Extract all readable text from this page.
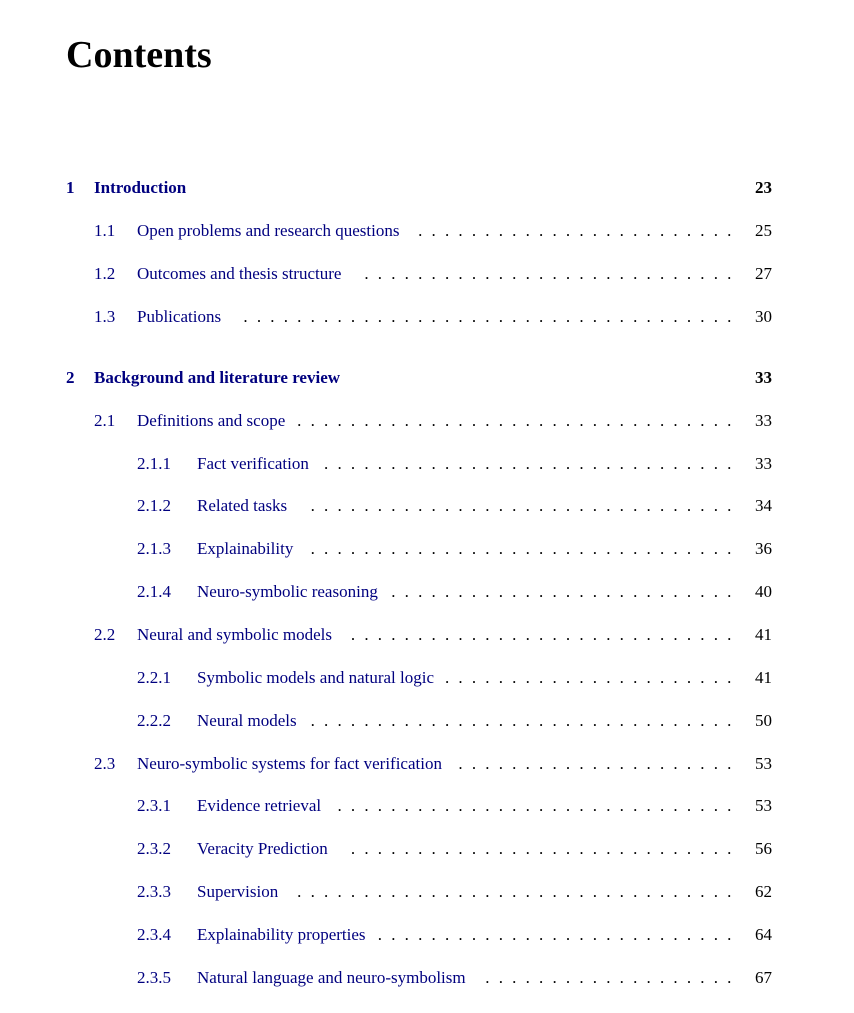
Contents
1 Introduction	23
1.1 Open problems and research questions . . . . . . . . . . . . . . . . . . . . . . . . 25
1.2 Outcomes and thesis structure . . . . . . . . . . . . . . . . . . . . . . . . . . . . 27
1.3 Publications . . . . . . . . . . . . . . . . . . . . . . . . . . . . . . . . . . . . . 30
2 Background and literature review	33
2.1 Definitions and scope . . . . . . . . . . . . . . . . . . . . . . . . . . . . . . . . . 33
2.1.1 Fact verification . . . . . . . . . . . . . . . . . . . . . . . . . . . . . . . 33
2.1.2 Related tasks . . . . . . . . . . . . . . . . . . . . . . . . . . . . . . . . 34
2.1.3 Explainability . . . . . . . . . . . . . . . . . . . . . . . . . . . . . . . . 36
2.1.4 Neuro-symbolic reasoning . . . . . . . . . . . . . . . . . . . . . . . . . . 40
2.2 Neural and symbolic models . . . . . . . . . . . . . . . . . . . . . . . . . . . . . 41
2.2.1 Symbolic models and natural logic . . . . . . . . . . . . . . . . . . . . . . 41
2.2.2 Neural models . . . . . . . . . . . . . . . . . . . . . . . . . . . . . . . . 50
2.3 Neuro-symbolic systems for fact verification . . . . . . . . . . . . . . . . . . . . . 53
2.3.1 Evidence retrieval . . . . . . . . . . . . . . . . . . . . . . . . . . . . . . 53
2.3.2 Veracity Prediction . . . . . . . . . . . . . . . . . . . . . . . . . . . . . 56
2.3.3 Supervision . . . . . . . . . . . . . . . . . . . . . . . . . . . . . . . . . 62
2.3.4 Explainability properties . . . . . . . . . . . . . . . . . . . . . . . . . . . 64
2.3.5 Natural language and neuro-symbolism . . . . . . . . . . . . . . . . . . . 67
